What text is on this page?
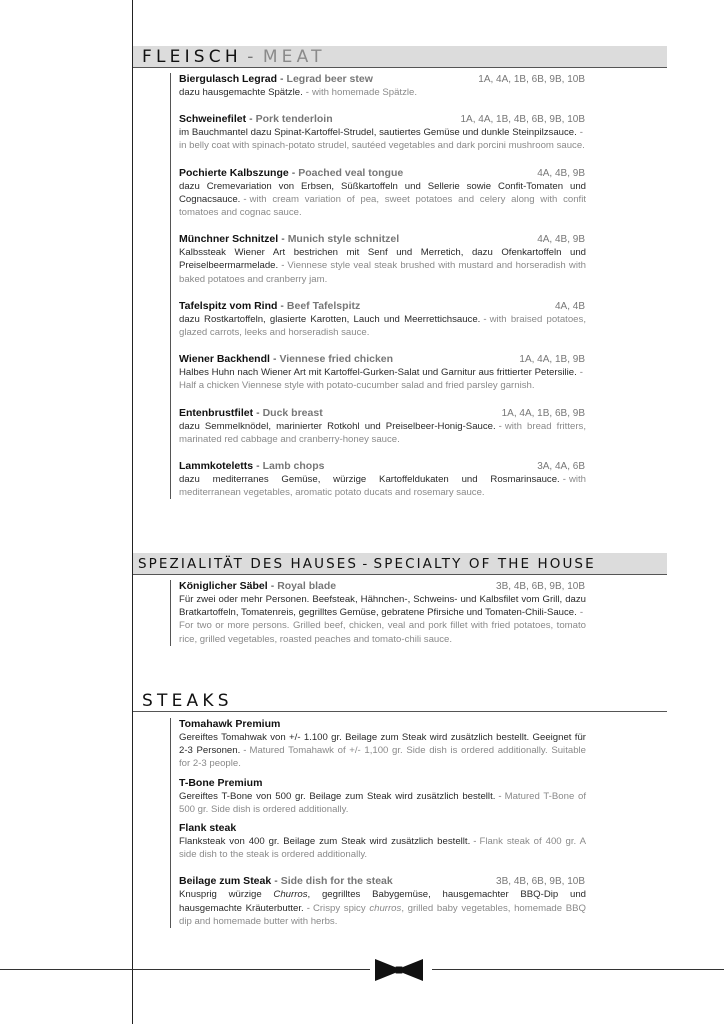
FLEISCH - MEAT
Biergulasch Legrad - Legrad beer stew	1A, 4A, 1B, 6B, 9B, 10B
dazu hausgemachte Spätzle. - with homemade Spätzle.
Schweinefilet - Pork tenderloin	1A, 4A, 1B, 4B, 6B, 9B, 10B
im Bauchmantel dazu Spinat-Kartoffel-Strudel, sautiertes Gemüse und dunkle Steinpilzsauce. -in belly coat with spinach-potato strudel, sautéed vegetables and dark porcini mushroom sauce.
Pochierte Kalbszunge - Poached veal tongue	4A, 4B, 9B
dazu Cremevariation von Erbsen, Süßkartoffeln und Sellerie sowie Confit-Tomaten und Cognacsauce. - with cream variation of pea, sweet potatoes and celery along with confit tomatoes and cognac sauce.
Münchner Schnitzel - Munich style schnitzel	4A, 4B, 9B
Kalbssteak Wiener Art bestrichen mit Senf und Merretich, dazu Ofenkartoffeln und Preiselbeermarmelade. - Viennese style veal steak brushed with mustard and horseradish with baked potatoes and cranberry jam.
Tafelspitz vom Rind - Beef Tafelspitz	4A, 4B
dazu Rostkartoffeln, glasierte Karotten, Lauch und Meerrettichsauce. - with braised potatoes, glazed carrots, leeks and horseradish sauce.
Wiener Backhendl - Viennese fried chicken	1A, 4A, 1B, 9B
Halbes Huhn nach Wiener Art mit Kartoffel-Gurken-Salat und Garnitur aus frittierter Petersilie. -Half a chicken Viennese style with potato-cucumber salad and fried parsley garnish.
Entenbrustfilet - Duck breast	1A, 4A, 1B, 6B, 9B
dazu Semmelknödel, marinierter Rotkohl und Preiselbeer-Honig-Sauce. - with bread fritters, marinated red cabbage and cranberry-honey sauce.
Lammkoteletts - Lamb chops	3A, 4A, 6B
dazu mediterranes Gemüse, würzige Kartoffeldukaten und Rosmarinsauce. - with mediterranean vegetables, aromatic potato ducats and rosemary sauce.
SPEZIALITÄT DES HAUSES - SPECIALTY OF THE HOUSE
Königlicher Säbel - Royal blade	3B, 4B, 6B, 9B, 10B
Für zwei oder mehr Personen. Beefsteak, Hähnchen-, Schweins- und Kalbsfilet vom Grill, dazu Bratkartoffeln, Tomatenreis, gegrilltes Gemüse, gebratene Pfirsiche und Tomaten-Chili-Sauce. -For two or more persons. Grilled beef, chicken, veal and pork fillet with fried potatoes, tomato rice, grilled vegetables, roasted peaches and tomato-chili sauce.
STEAKS
Tomahawk Premium
Gereiftes Tomahwak von +/- 1.100 gr. Beilage zum Steak wird zusätzlich bestellt. Geeignet für 2-3 Personen. - Matured Tomahawk of +/- 1,100 gr. Side dish is ordered additionally. Suitable for 2-3 people.
T-Bone Premium
Gereiftes T-Bone von 500 gr. Beilage zum Steak wird zusätzlich bestellt. - Matured T-Bone of 500 gr. Side dish is ordered additionally.
Flank steak
Flanksteak von 400 gr. Beilage zum Steak wird zusätzlich bestellt. - Flank steak of 400 gr. A side dish to the steak is ordered additionally.
Beilage zum Steak - Side dish for the steak	3B, 4B, 6B, 9B, 10B
Knusprig würzige Churros, gegrilltes Babygemüse, hausgemachter BBQ-Dip und hausgemachte Kräuterbutter. - Crispy spicy churros, grilled baby vegetables, homemade BBQ dip and homemade butter with herbs.
